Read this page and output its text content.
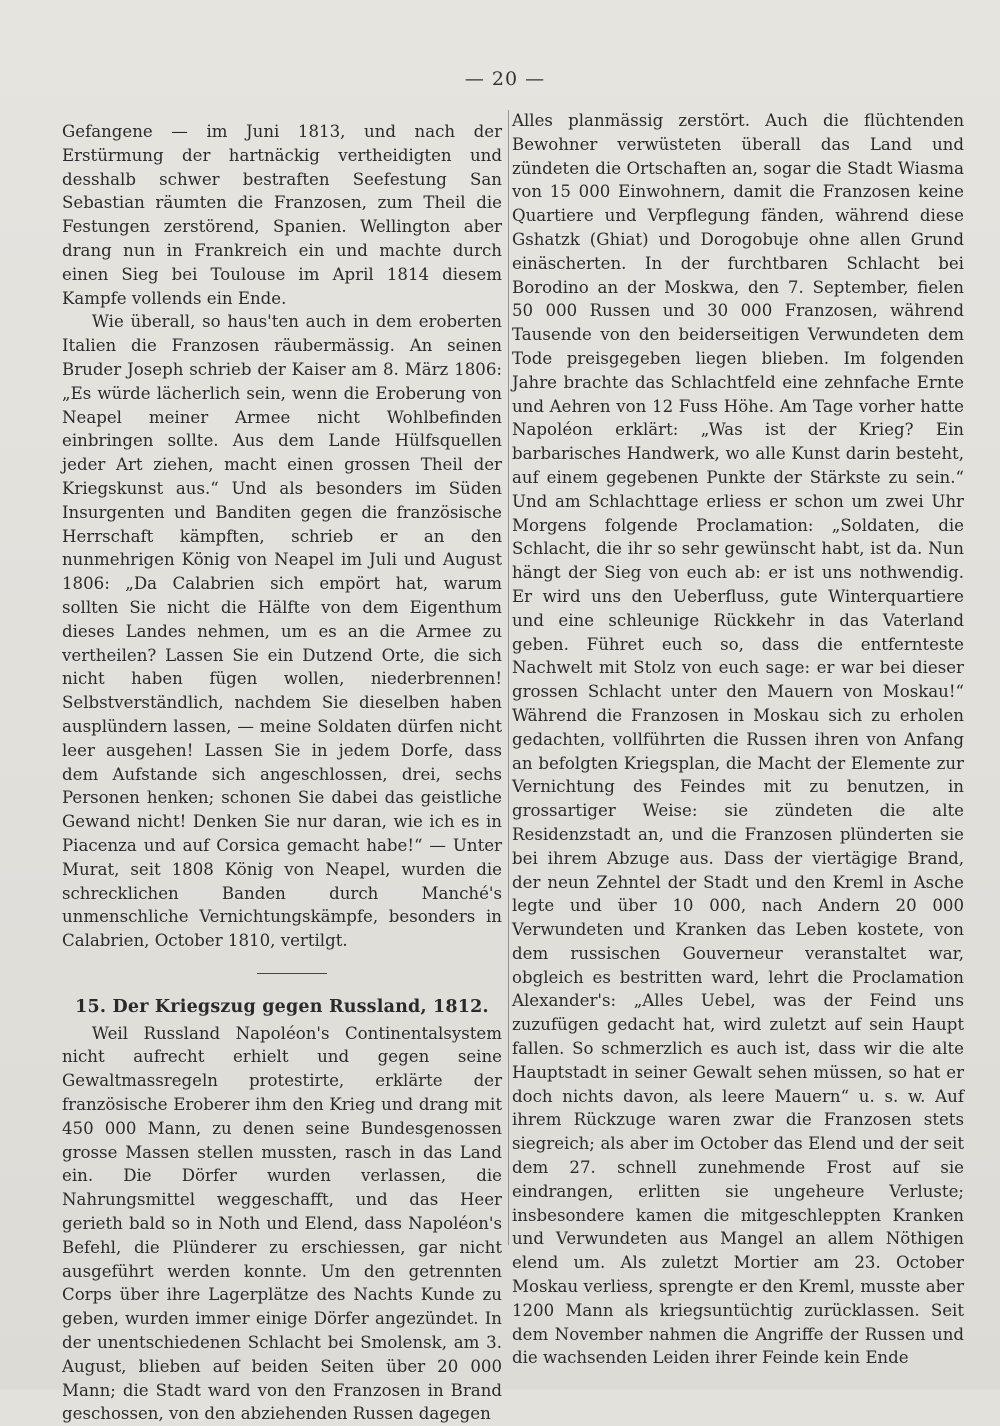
— 20 —

Gefangene — im Juni 1813, und nach der Erstürmung der hartnäckig vertheidigten und desshalb schwer bestraften Seefestung San Sebastian räumten die Franzosen, zum Theil die Festungen zerstörend, Spanien. Wellington aber drang nun in Frankreich ein und machte durch einen Sieg bei Toulouse im April 1814 diesem Kampfe vollends ein Ende.

Wie überall, so haus'ten auch in dem eroberten Italien die Franzosen räubermässig. An seinen Bruder Joseph schrieb der Kaiser am 8. März 1806: „Es würde lächerlich sein, wenn die Eroberung von Neapel meiner Armee nicht Wohlbefinden einbringen sollte. Aus dem Lande Hülfsquellen jeder Art ziehen, macht einen grossen Theil der Kriegskunst aus.“ Und als besonders im Süden Insurgenten und Banditen gegen die französische Herrschaft kämpften, schrieb er an den nunmehrigen König von Neapel im Juli und August 1806: „Da Calabrien sich empört hat, warum sollten Sie nicht die Hälfte von dem Eigenthum dieses Landes nehmen, um es an die Armee zu vertheilen? Lassen Sie ein Dutzend Orte, die sich nicht haben fügen wollen, niederbrennen! Selbstverständlich, nachdem Sie dieselben haben ausplündern lassen, — meine Soldaten dürfen nicht leer ausgehen! Lassen Sie in jedem Dorfe, dass dem Aufstande sich angeschlossen, drei, sechs Personen henken; schonen Sie dabei das geistliche Gewand nicht! Denken Sie nur daran, wie ich es in Piacenza und auf Corsica gemacht habe!“ — Unter Murat, seit 1808 König von Neapel, wurden die schrecklichen Banden durch Manché's unmenschliche Vernichtungskämpfe, besonders in Calabrien, October 1810, vertilgt.

15. Der Kriegszug gegen Russland, 1812.

Weil Russland Napoléon's Continentalsystem nicht aufrecht erhielt und gegen seine Gewaltmassregeln protestirte, erklärte der französische Eroberer ihm den Krieg und drang mit 450 000 Mann, zu denen seine Bundesgenossen grosse Massen stellen mussten, rasch in das Land ein. Die Dörfer wurden verlassen, die Nahrungsmittel weggeschafft, und das Heer gerieth bald so in Noth und Elend, dass Napoléon's Befehl, die Plünderer zu erschiessen, gar nicht ausgeführt werden konnte. Um den getrennten Corps über ihre Lagerplätze des Nachts Kunde zu geben, wurden immer einige Dörfer angezündet. In der unentschiedenen Schlacht bei Smolensk, am 3. August, blieben auf beiden Seiten über 20 000 Mann; die Stadt ward von den Franzosen in Brand geschossen, von den abziehenden Russen dagegen

Alles planmässig zerstört. Auch die flüchtenden Bewohner verwüsteten überall das Land und zündeten die Ortschaften an, sogar die Stadt Wiasma von 15 000 Einwohnern, damit die Franzosen keine Quartiere und Verpflegung fänden, während diese Gshatzk (Ghiat) und Dorogobuje ohne allen Grund einäscherten. In der furchtbaren Schlacht bei Borodino an der Moskwa, den 7. September, fielen 50 000 Russen und 30 000 Franzosen, während Tausende von den beiderseitigen Verwundeten dem Tode preisgegeben liegen blieben. Im folgenden Jahre brachte das Schlachtfeld eine zehnfache Ernte und Aehren von 12 Fuss Höhe. Am Tage vorher hatte Napoléon erklärt: „Was ist der Krieg? Ein barbarisches Handwerk, wo alle Kunst darin besteht, auf einem gegebenen Punkte der Stärkste zu sein.“ Und am Schlachttage erliess er schon um zwei Uhr Morgens folgende Proclamation: „Soldaten, die Schlacht, die ihr so sehr gewünscht habt, ist da. Nun hängt der Sieg von euch ab: er ist uns nothwendig. Er wird uns den Ueberfluss, gute Winterquartiere und eine schleunige Rückkehr in das Vaterland geben. Führet euch so, dass die entfernteste Nachwelt mit Stolz von euch sage: er war bei dieser grossen Schlacht unter den Mauern von Moskau!“ Während die Franzosen in Moskau sich zu erholen gedachten, vollführten die Russen ihren von Anfang an befolgten Kriegsplan, die Macht der Elemente zur Vernichtung des Feindes mit zu benutzen, in grossartiger Weise: sie zündeten die alte Residenzstadt an, und die Franzosen plünderten sie bei ihrem Abzuge aus. Dass der viertägige Brand, der neun Zehntel der Stadt und den Kreml in Asche legte und über 10 000, nach Andern 20 000 Verwundeten und Kranken das Leben kostete, von dem russischen Gouverneur veranstaltet war, obgleich es bestritten ward, lehrt die Proclamation Alexander's: „Alles Uebel, was der Feind uns zuzufügen gedacht hat, wird zuletzt auf sein Haupt fallen. So schmerzlich es auch ist, dass wir die alte Hauptstadt in seiner Gewalt sehen müssen, so hat er doch nichts davon, als leere Mauern“ u. s. w. Auf ihrem Rückzuge waren zwar die Franzosen stets siegreich; als aber im October das Elend und der seit dem 27. schnell zunehmende Frost auf sie eindrangen, erlitten sie ungeheure Verluste; insbesondere kamen die mitgeschleppten Kranken und Verwundeten aus Mangel an allem Nöthigen elend um. Als zuletzt Mortier am 23. October Moskau verliess, sprengte er den Kreml, musste aber 1200 Mann als kriegsuntüchtig zurücklassen. Seit dem November nahmen die Angriffe der Russen und die wachsenden Leiden ihrer Feinde kein Ende
